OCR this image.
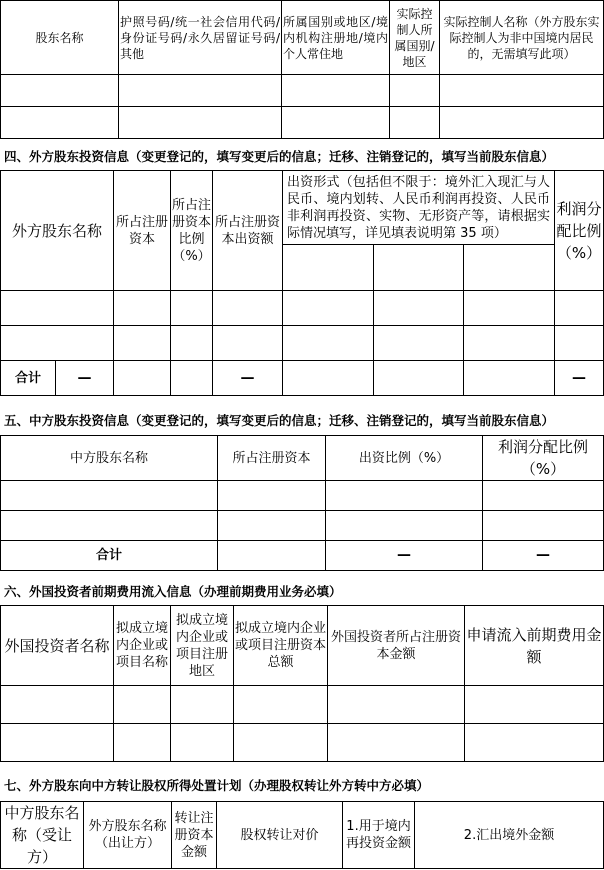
股东名称	护照号码/统一社会信用代码/身份证号码/永久居留证号码/其他	所属国别或地区/境内机构注册地/境内个人常住地	实际控制人所属国别/地区	实际控制人名称（外方股东实际控制人为非中国境内居民的，无需填写此项）

四、外方股东投资信息（变更登记的，填写变更后的信息；迁移、注销登记的，填写当前股东信息）
外方股东名称		所占注册资本	所占注册资本比例（%）	所占注册资本出资额	出资形式（包括但不限于：境外汇入现汇与人民币、境内划转、人民币利润再投资、人民币非利润再投资、实物、无形资产等，请根据实际情况填写，详见填表说明第 35 项）			利润分配比例（%）

合计	—			—				—
五、中方股东投资信息（变更登记的，填写变更后的信息；迁移、注销登记的，填写当前股东信息）
中方股东名称	所占注册资本	出资比例（%）	利润分配比例（%）

合计		—	—
六、外国投资者前期费用流入信息（办理前期费用业务必填）
外国投资者名称	拟成立境内企业或项目名称	拟成立境内企业或项目注册地区	拟成立境内企业或项目注册资本总额	外国投资者所占注册资本金额	申请流入前期费用金额

七、外方股东向中方转让股权所得处置计划（办理股权转让外方转中方必填）
中方股东名称（受让方）	外方股东名称（出让方）	转让注册资本金额	股权转让对价	1.用于境内再投资金额	2.汇出境外金额
